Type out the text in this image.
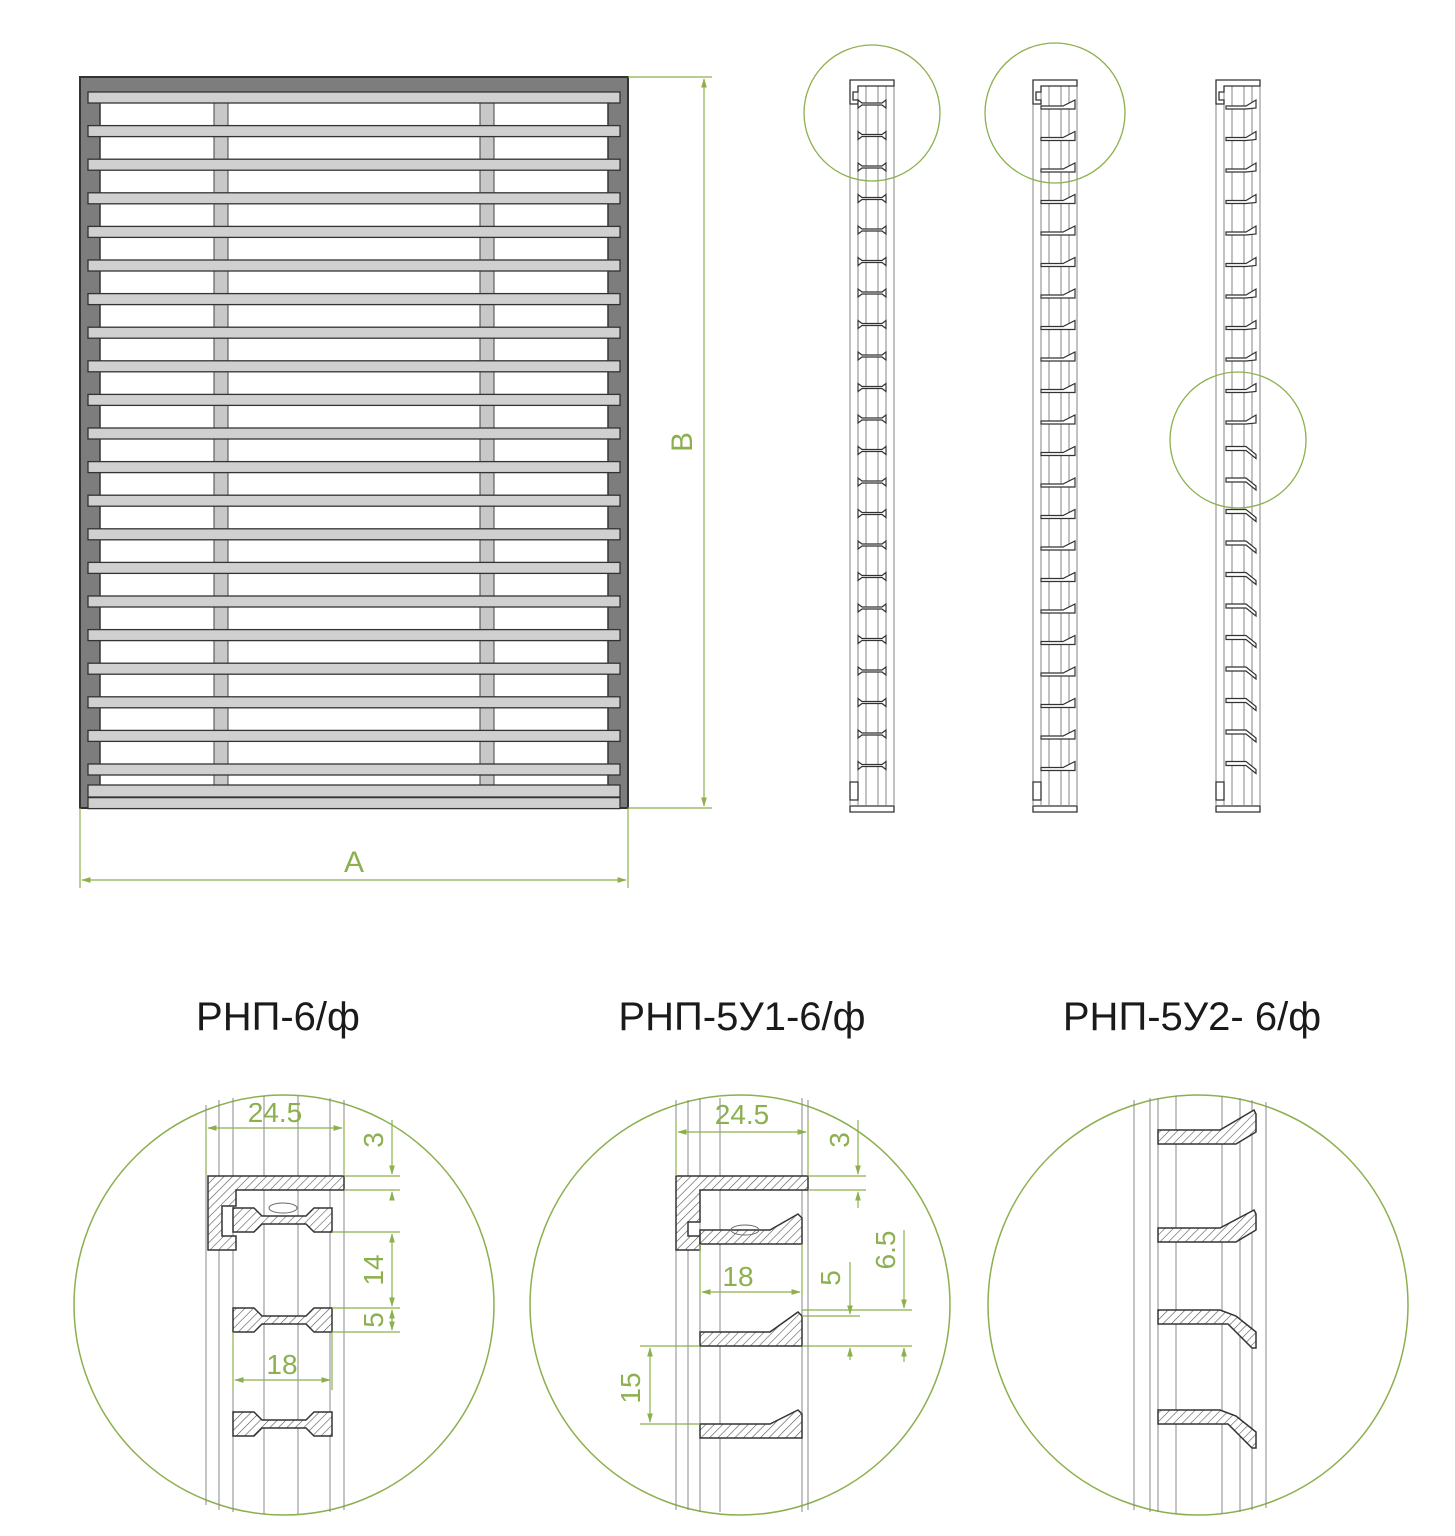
A
B
24.5
3
14
5
18
24.5
3
18 5
6.5
15
РНП-6/ф	РНП-5У1-6/ф	РНП-5У2- 6/ф
